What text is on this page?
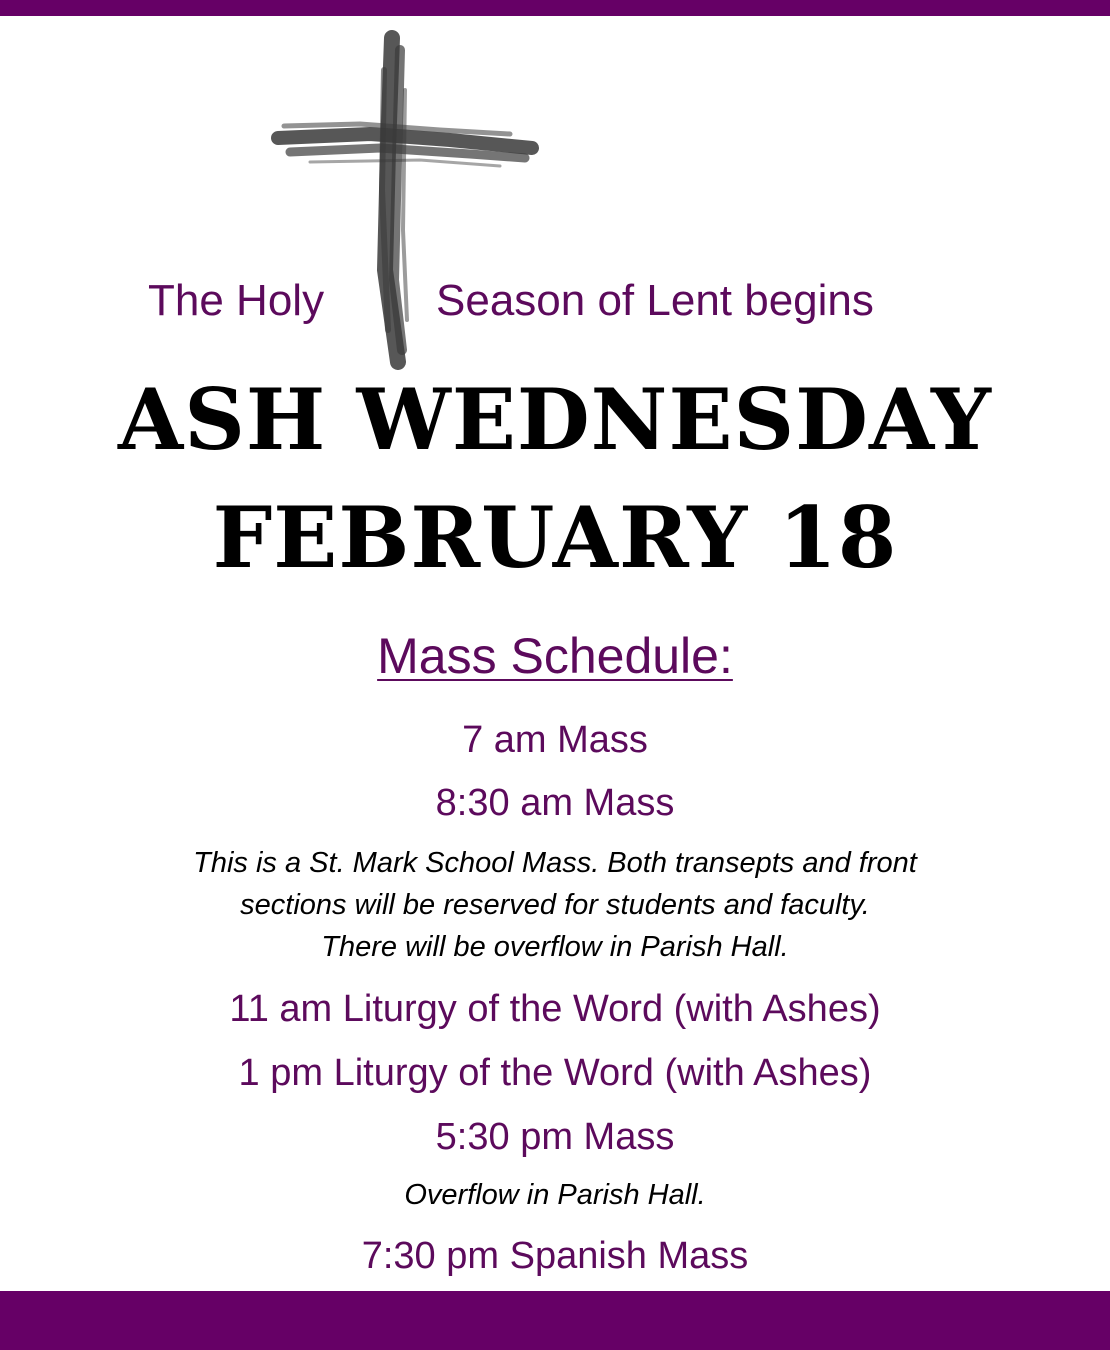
The Holy	Season of Lent begins
ASH WEDNESDAY
FEBRUARY 18
Mass Schedule:
7 am Mass
8:30 am Mass
This is a St. Mark School Mass. Both transepts and front
sections will be reserved for students and faculty.
There will be overflow in Parish Hall.
11 am Liturgy of the Word (with Ashes)
1 pm Liturgy of the Word (with Ashes)
5:30 pm Mass
Overflow in Parish Hall.
7:30 pm Spanish Mass
